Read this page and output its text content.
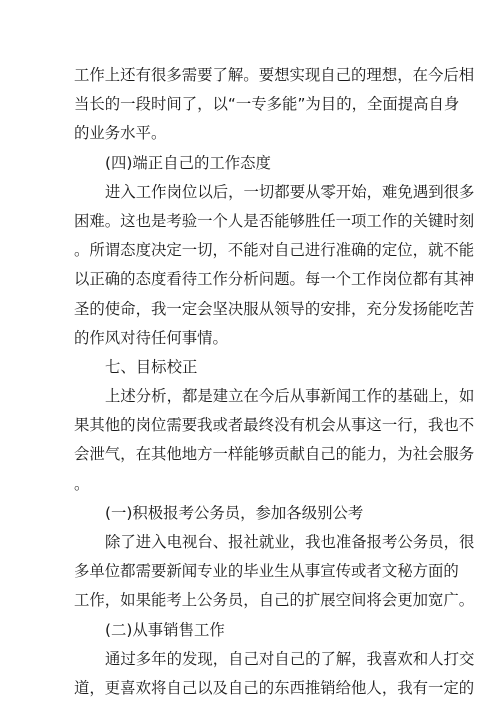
工作上还有很多需要了解。要想实现自己的理想，在今后相
当长的一段时间了，以“一专多能”为目的，全面提高自身
的业务水平。
(四)端正自己的工作态度
进入工作岗位以后，一切都要从零开始，难免遇到很多
困难。这也是考验一个人是否能够胜任一项工作的关键时刻
。所谓态度决定一切，不能对自己进行准确的定位，就不能
以正确的态度看待工作分析问题。每一个工作岗位都有其神
圣的使命，我一定会坚决服从领导的安排，充分发扬能吃苦
的作风对待任何事情。
七、目标校正
上述分析，都是建立在今后从事新闻工作的基础上，如
果其他的岗位需要我或者最终没有机会从事这一行，我也不
会泄气，在其他地方一样能够贡献自己的能力，为社会服务
。
(一)积极报考公务员，参加各级别公考
除了进入电视台、报社就业，我也准备报考公务员，很
多单位都需要新闻专业的毕业生从事宣传或者文秘方面的
工作，如果能考上公务员，自己的扩展空间将会更加宽广。
(二)从事销售工作
通过多年的发现，自己对自己的了解，我喜欢和人打交
道，更喜欢将自己以及自己的东西推销给他人，我有一定的
